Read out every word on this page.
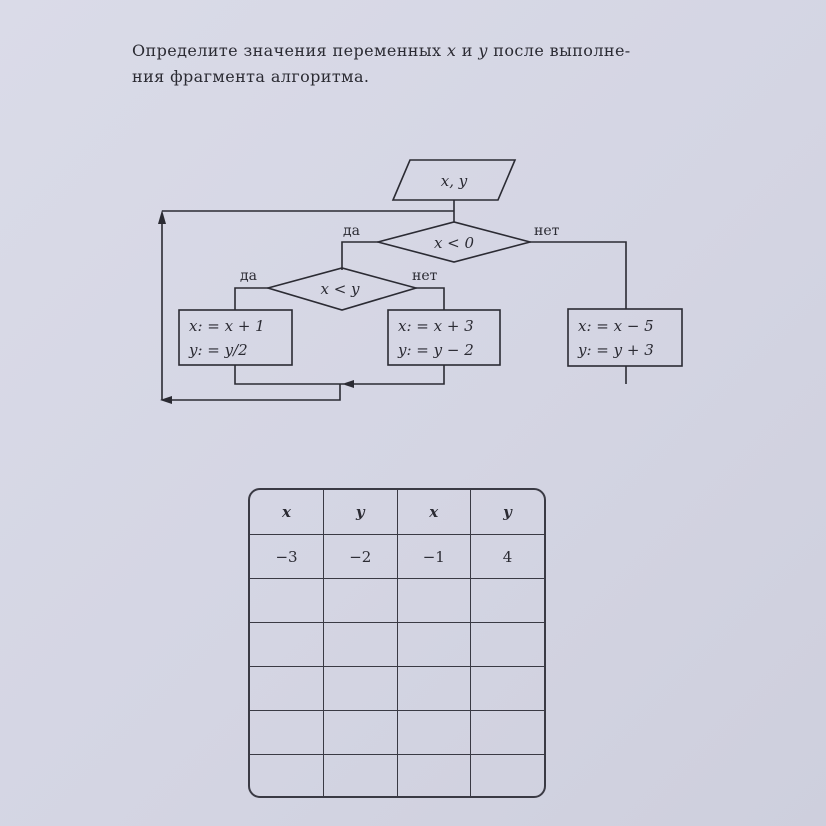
Определите значения переменных x и y после выполне-
ния фрагмента алгоритма.

x, y
x < 0
да	нет
x < y
да	нет
x: = x + 1
y: = y/2
x: = x + 3
y: = y − 2
x: = x − 5
y: = y + 3
x	y	x	y
−3	−2	−1	4
